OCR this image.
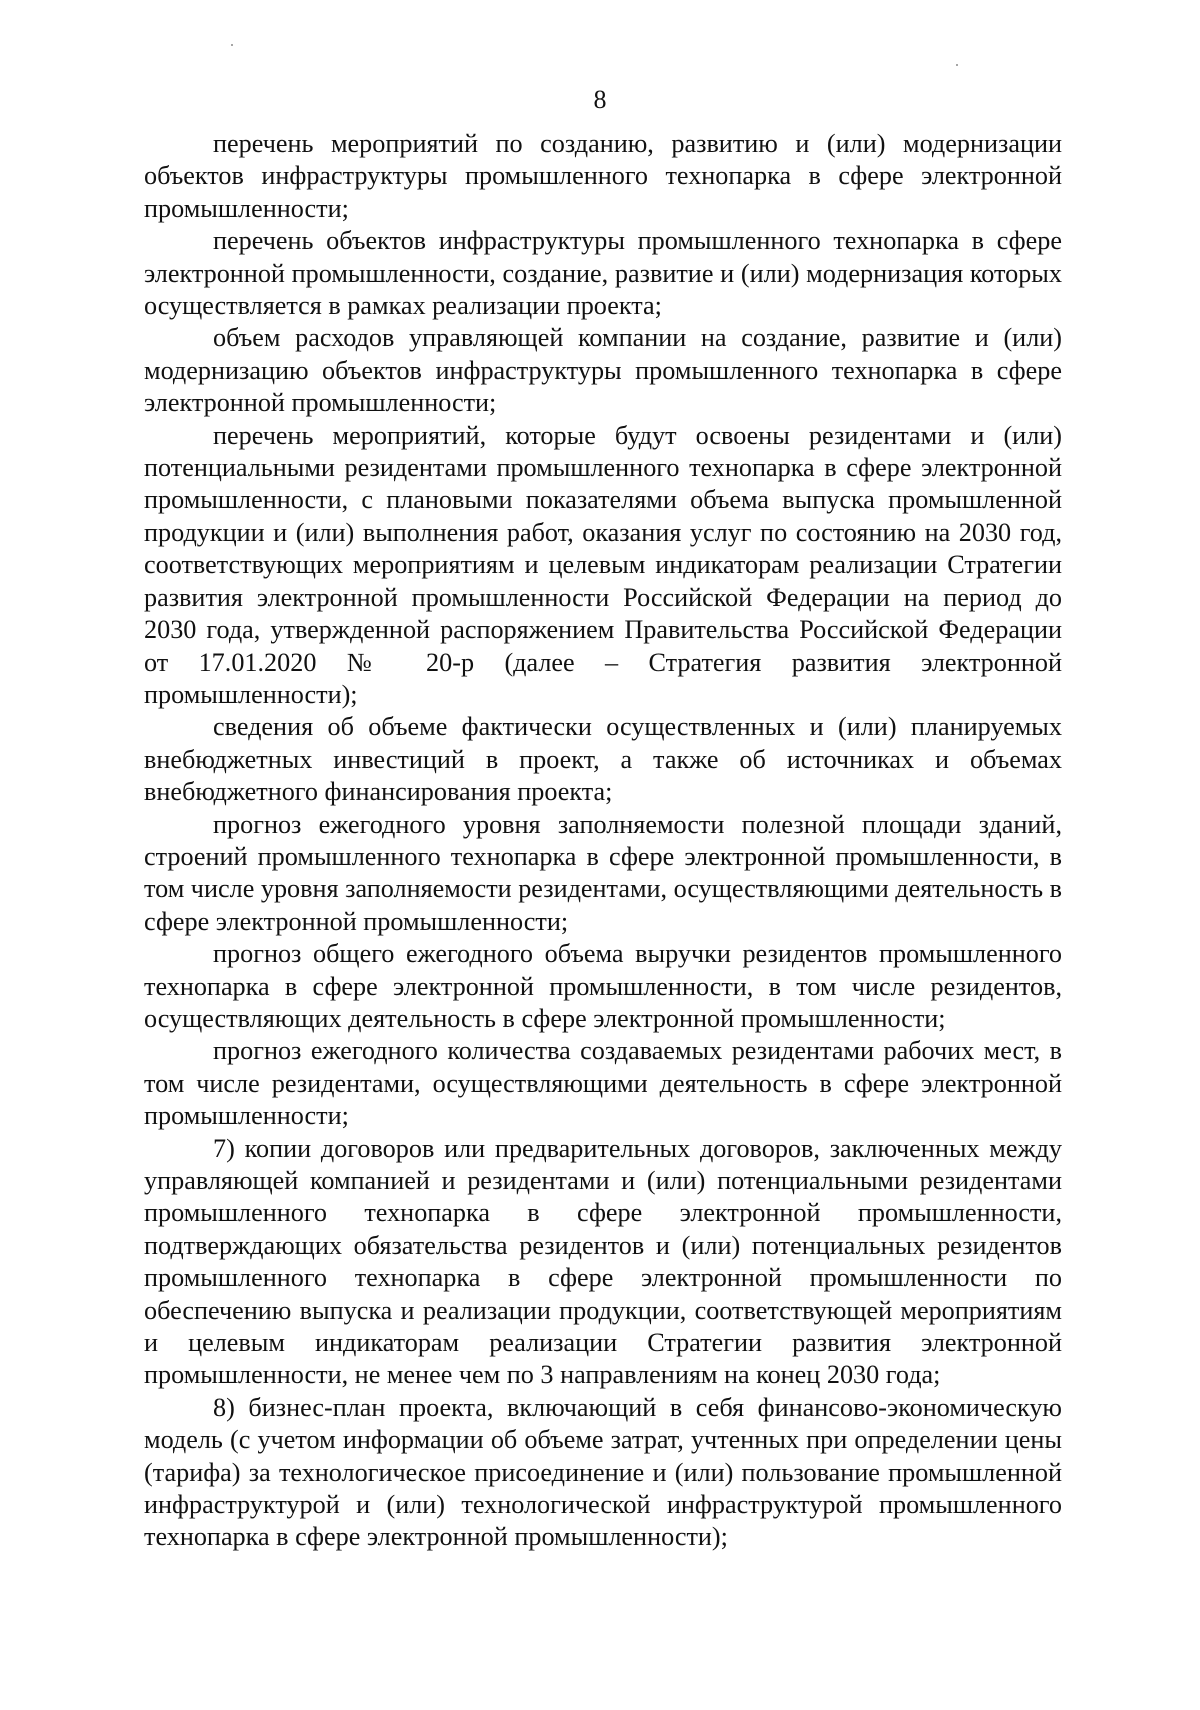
8

перечень мероприятий по созданию, развитию и (или) модернизации объектов инфраструктуры промышленного технопарка в сфере электронной промышленности;

перечень объектов инфраструктуры промышленного технопарка в сфере электронной промышленности, создание, развитие и (или) модернизация которых осуществляется в рамках реализации проекта;

объем расходов управляющей компании на создание, развитие и (или) модернизацию объектов инфраструктуры промышленного технопарка в сфере электронной промышленности;

перечень мероприятий, которые будут освоены резидентами и (или) потенциальными резидентами промышленного технопарка в сфере электронной промышленности, с плановыми показателями объема выпуска промышленной продукции и (или) выполнения работ, оказания услуг по состоянию на 2030 год, соответствующих мероприятиям и целевым индикаторам реализации Стратегии развития электронной промышленности Российской Федерации на период до 2030 года, утвержденной распоряжением Правительства Российской Федерации от 17.01.2020 № 20-р (далее – Стратегия развития электронной промышленности);

сведения об объеме фактически осуществленных и (или) планируемых внебюджетных инвестиций в проект, а также об источниках и объемах внебюджетного финансирования проекта;

прогноз ежегодного уровня заполняемости полезной площади зданий, строений промышленного технопарка в сфере электронной промышленности, в том числе уровня заполняемости резидентами, осуществляющими деятельность в сфере электронной промышленности;

прогноз общего ежегодного объема выручки резидентов промышленного технопарка в сфере электронной промышленности, в том числе резидентов, осуществляющих деятельность в сфере электронной промышленности;

прогноз ежегодного количества создаваемых резидентами рабочих мест, в том числе резидентами, осуществляющими деятельность в сфере электронной промышленности;

7) копии договоров или предварительных договоров, заключенных между управляющей компанией и резидентами и (или) потенциальными резидентами промышленного технопарка в сфере электронной промышленности, подтверждающих обязательства резидентов и (или) потенциальных резидентов промышленного технопарка в сфере электронной промышленности по обеспечению выпуска и реализации продукции, соответствующей мероприятиям и целевым индикаторам реализации Стратегии развития электронной промышленности, не менее чем по 3 направлениям на конец 2030 года;

8) бизнес-план проекта, включающий в себя финансово-экономическую модель (с учетом информации об объеме затрат, учтенных при определении цены (тарифа) за технологическое присоединение и (или) пользование промышленной инфраструктурой и (или) технологической инфраструктурой промышленного технопарка в сфере электронной промышленности);
